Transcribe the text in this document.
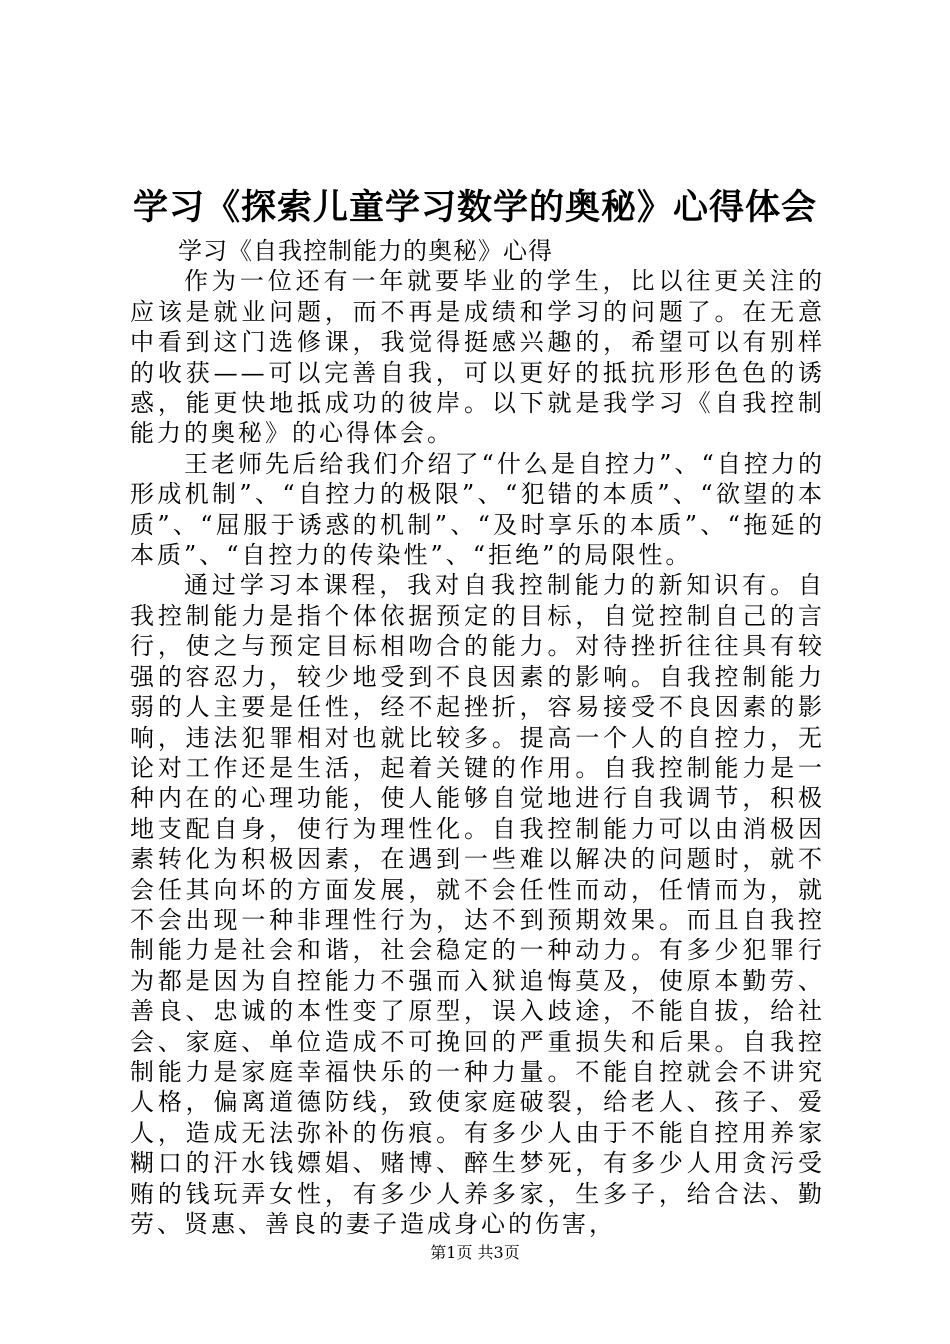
学习《探索儿童学习数学的奥秘》心得体会
学习《自我控制能力的奥秘》心得

作为一位还有一年就要毕业的学生，比以往更关注的应该是就业问题，而不再是成绩和学习的问题了。在无意中看到这门选修课，我觉得挺感兴趣的，希望可以有别样的收获——可以完善自我，可以更好的抵抗形形色色的诱惑，能更快地抵成功的彼岸。以下就是我学习《自我控制能力的奥秘》的心得体会。

王老师先后给我们介绍了“什么是自控力”、“自控力的形成机制”、“自控力的极限”、“犯错的本质”、“欲望的本质”、“屈服于诱惑的机制”、“及时享乐的本质”、“拖延的本质”、“自控力的传染性”、“拒绝”的局限性。

通过学习本课程，我对自我控制能力的新知识有。自我控制能力是指个体依据预定的目标，自觉控制自己的言行，使之与预定目标相吻合的能力。对待挫折往往具有较强的容忍力，较少地受到不良因素的影响。自我控制能力弱的人主要是任性，经不起挫折，容易接受不良因素的影响，违法犯罪相对也就比较多。提高一个人的自控力，无论对工作还是生活，起着关键的作用。自我控制能力是一种内在的心理功能，使人能够自觉地进行自我调节，积极地支配自身，使行为理性化。自我控制能力可以由消极因素转化为积极因素，在遇到一些难以解决的问题时，就不会任其向坏的方面发展，就不会任性而动，任情而为，就不会出现一种非理性行为，达不到预期效果。而且自我控制能力是社会和谐，社会稳定的一种动力。有多少犯罪行为都是因为自控能力不强而入狱追悔莫及，使原本勤劳、善良、忠诚的本性变了原型，误入歧途，不能自拔，给社会、家庭、单位造成不可挽回的严重损失和后果。自我控制能力是家庭幸福快乐的一种力量。不能自控就会不讲究人格，偏离道德防线，致使家庭破裂，给老人、孩子、爱人，造成无法弥补的伤痕。有多少人由于不能自控用养家糊口的汗水钱嫖娼、赌博、醉生梦死，有多少人用贪污受贿的钱玩弄女性，有多少人养多家，生多子，给合法、勤劳、贤惠、善良的妻子造成身心的伤害，

第1页 共3页
